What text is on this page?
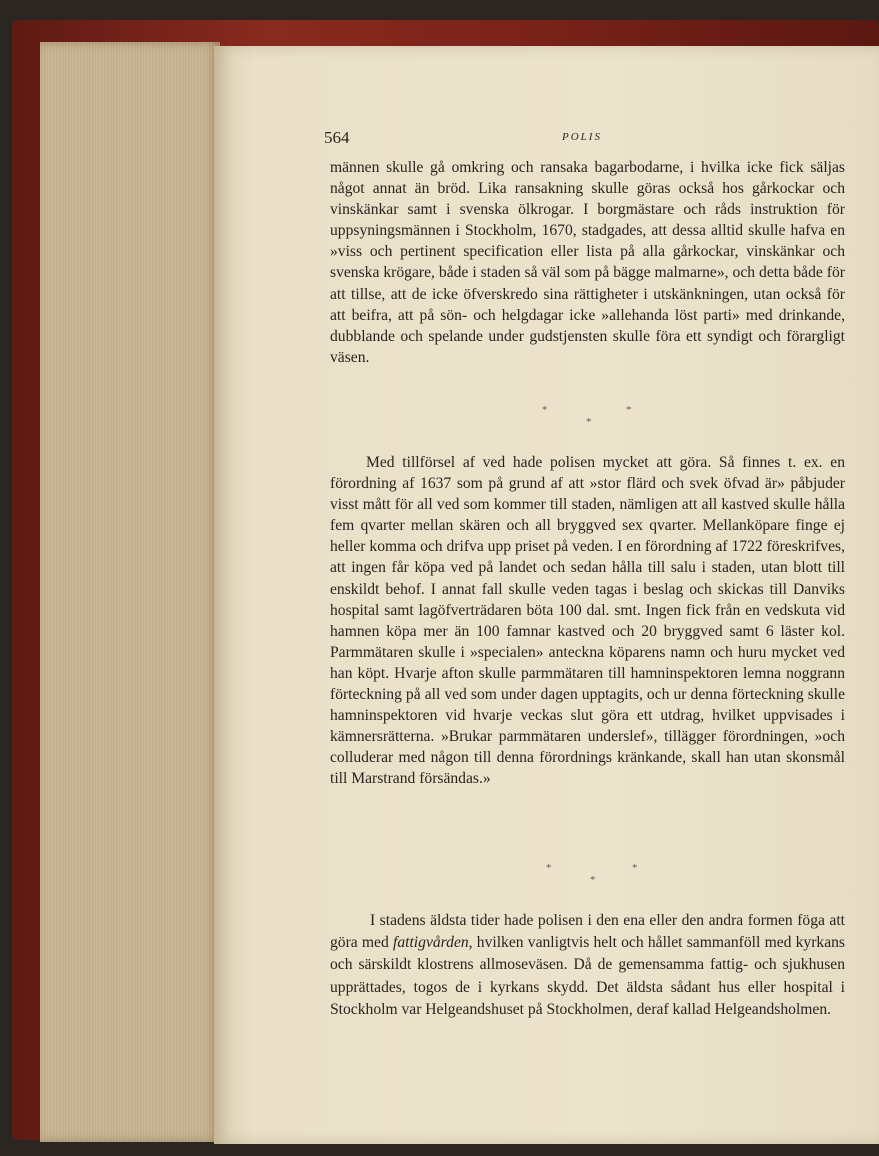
564	POLIS

männen skulle gå omkring och ransaka bagarbodarne, i hvilka icke fick säljas något annat än bröd. Lika ransakning skulle göras också hos gårkockar och vinskänkar samt i svenska ölkrogar. I borgmästare och råds instruktion för uppsyningsmännen i Stockholm, 1670, stadgades, att dessa alltid skulle hafva en »viss och pertinent specification eller lista på alla gårkockar, vinskänkar och svenska krögare, både i staden så väl som på bägge malmarne», och detta både för att tillse, att de icke öfverskredo sina rättigheter i utskänkningen, utan också för att beifra, att på sön- och helgdagar icke »allehanda löst parti» med drinkande, dubblande och spelande under gudstjensten skulle föra ett syndigt och förargligt väsen.

*	*
*

Med tillförsel af ved hade polisen mycket att göra. Så finnes t. ex. en förordning af 1637 som på grund af att »stor flärd och svek öfvad är» påbjuder visst mått för all ved som kommer till staden, nämligen att all kastved skulle hålla fem qvarter mellan skären och all bryggved sex qvarter. Mellanköpare finge ej heller komma och drifva upp priset på veden. I en förordning af 1722 föreskrifves, att ingen får köpa ved på landet och sedan hålla till salu i staden, utan blott till enskildt behof. I annat fall skulle veden tagas i beslag och skickas till Danviks hospital samt lagöfverträdaren böta 100 dal. smt. Ingen fick från en vedskuta vid hamnen köpa mer än 100 famnar kastved och 20 bryggved samt 6 läster kol. Parmmätaren skulle i »specialen» anteckna köparens namn och huru mycket ved han köpt. Hvarje afton skulle parmmätaren till hamninspektoren lemna noggrann förteckning på all ved som under dagen upptagits, och ur denna förteckning skulle hamninspektoren vid hvarje veckas slut göra ett utdrag, hvilket uppvisades i kämnersrätterna. »Brukar parmmätaren underslef», tillägger förordningen, »och colluderar med någon till denna förordnings kränkande, skall han utan skonsmål till Marstrand försändas.»

*	*
*

I stadens äldsta tider hade polisen i den ena eller den andra formen föga att göra med fattigvården, hvilken vanligtvis helt och hållet sammanföll med kyrkans och särskildt klostrens allmoseväsen. Då de gemensamma fattig- och sjukhusen upprättades, togos de i kyrkans skydd. Det äldsta sådant hus eller hospital i Stockholm var Helgeandshuset på Stockholmen, deraf kallad Helgeandsholmen.
